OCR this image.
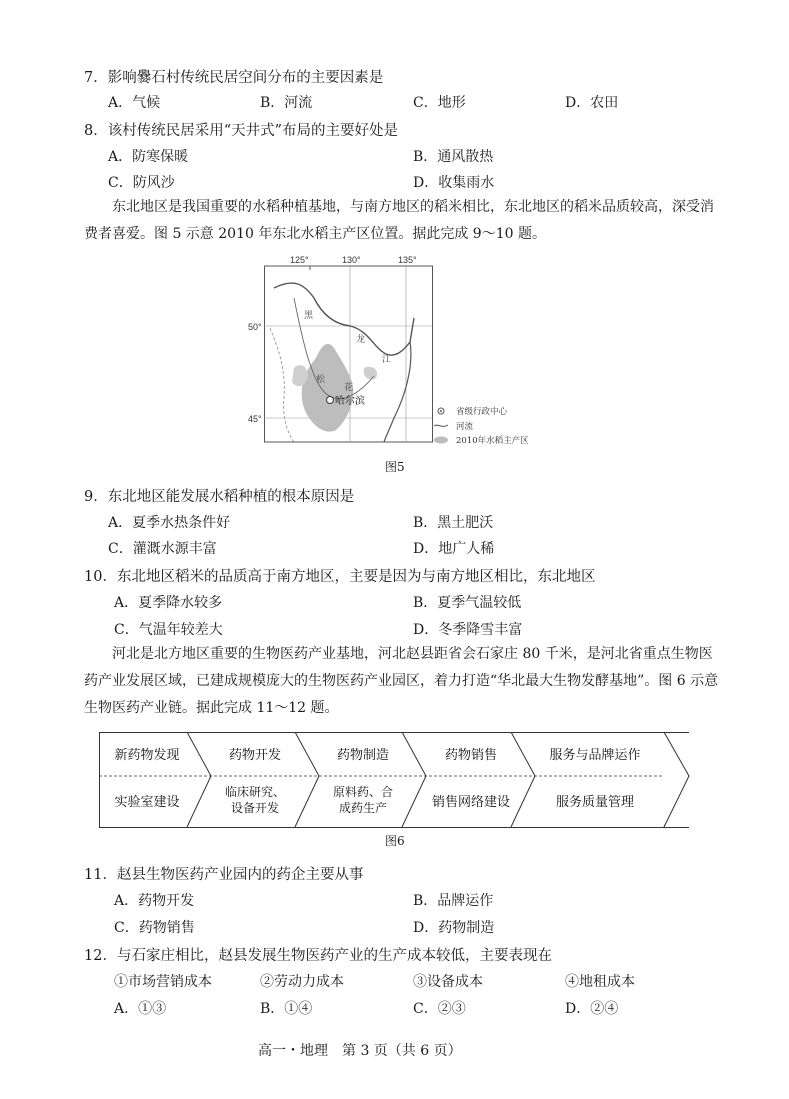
7．影响爨石村传统民居空间分布的主要因素是
A．气候	B．河流	C．地形	D．农田
8．该村传统民居采用“天井式”布局的主要好处是
A．防寒保暖	B．通风散热
C．防风沙	D．收集雨水
东北地区是我国重要的水稻种植基地，与南方地区的稻米相比，东北地区的稻米品质较高，深受消费者喜爱。图 5 示意 2010 年东北水稻主产区位置。据此完成 9～10 题。
哈尔滨
125°	130°	135°
50°
45°
黑
龙
江
松
花
省级行政中心
河流
2010年水稻主产区
图5
9．东北地区能发展水稻种植的根本原因是
A．夏季水热条件好	B．黑土肥沃
C．灌溉水源丰富	D．地广人稀
10．东北地区稻米的品质高于南方地区，主要是因为与南方地区相比，东北地区
A．夏季降水较多	B．夏季气温较低
C．气温年较差大	D．冬季降雪丰富
河北是北方地区重要的生物医药产业基地，河北赵县距省会石家庄 80 千米，是河北省重点生物医药产业发展区域，已建成规模庞大的生物医药产业园区，着力打造“华北最大生物发酵基地”。图 6 示意生物医药产业链。据此完成 11～12 题。
新药物发现	药物开发	药物制造	药物销售	服务与品牌运作
实验室建设
临床研究、设备开发
原料药、合成药生产	销售网络建设	服务质量管理
图6
11．赵县生物医药产业园内的药企主要从事
A．药物开发	B．品牌运作
C．药物销售	D．药物制造
12．与石家庄相比，赵县发展生物医药产业的生产成本较低，主要表现在
①市场营销成本	②劳动力成本	③设备成本	④地租成本
A．①③	B．①④	C．②③	D．②④
高一・地理　第 3 页（共 6 页）
